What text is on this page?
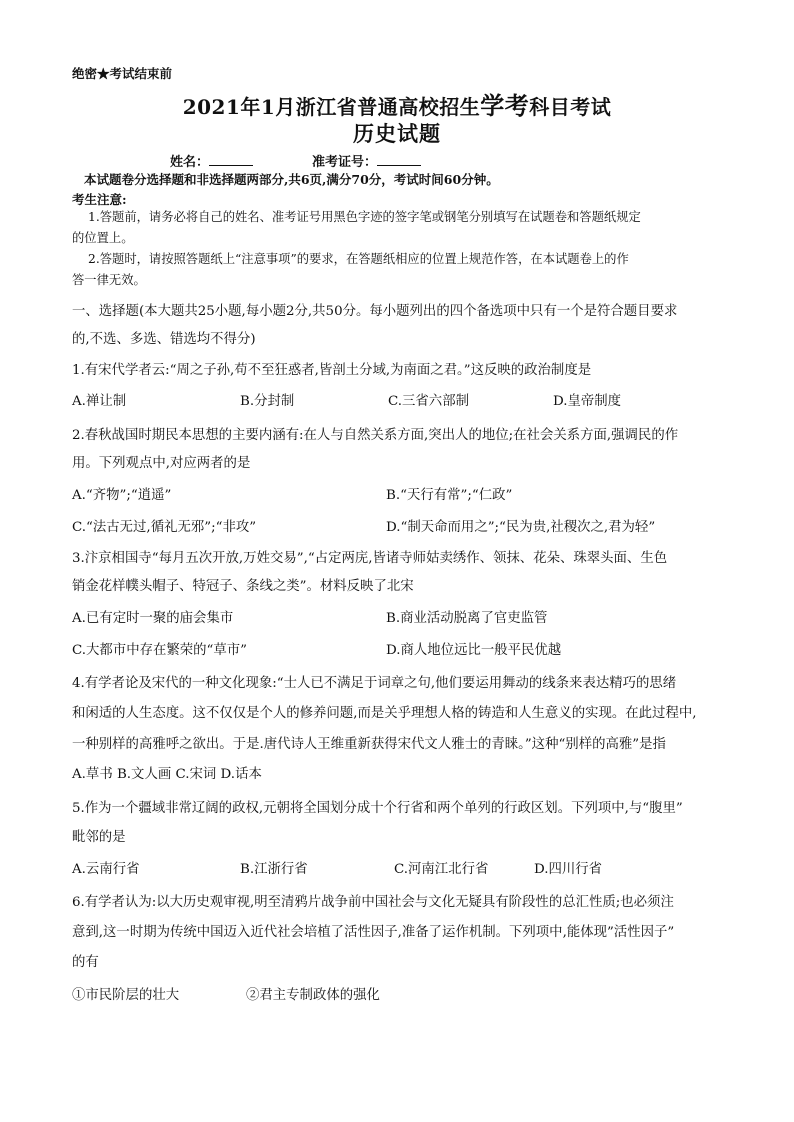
绝密★考试结束前
2021年1月浙江省普通高校招生学考科目考试
历史试题
姓名：	准考证号：
本试题卷分选择题和非选择题两部分,共6页,满分70分，考试时间60分钟。
考生注意:
1.答题前，请务必将自己的姓名、准考证号用黑色字迹的签字笔或钢笔分别填写在试题卷和答题纸规定
的位置上。
2.答题时，请按照答题纸上“注意事项”的要求，在答题纸相应的位置上规范作答，在本试题卷上的作
答一律无效。
一、选择题(本大题共25小题,每小题2分,共50分。每小题列出的四个备选项中只有一个是符合题目要求
的,不选、多选、错选均不得分)
1.有宋代学者云:“周之子孙,苟不至狂惑者,皆剖土分域,为南面之君。”这反映的政治制度是
A.禅让制	B.分封制	C.三省六部制	D.皇帝制度
2.春秋战国时期民本思想的主要内涵有:在人与自然关系方面,突出人的地位;在社会关系方面,强调民的作
用。下列观点中,对应两者的是
A.“齐物”;“逍遥”	B.“天行有常”;“仁政”
C.“法古无过,循礼无邪”;“非攻”	D.“制天命而用之”;“民为贵,社稷次之,君为轻”
3.汴京相国寺“每月五次开放,万姓交易”,“占定两庑,皆诸寺师姑卖绣作、领抹、花朵、珠翠头面、生色
销金花样幞头帽子、特冠子、条线之类”。材料反映了北宋
A.已有定时一聚的庙会集市	B.商业活动脱离了官吏监管
C.大都市中存在繁荣的“草市”	D.商人地位远比一般平民优越
4.有学者论及宋代的一种文化现象:“士人已不满足于词章之句,他们要运用舞动的线条来表达精巧的思绪
和闲适的人生态度。这不仅仅是个人的修养问题,而是关乎理想人格的铸造和人生意义的实现。在此过程中,
一种别样的高雅呼之欲出。于是.唐代诗人王维重新获得宋代文人雅士的青睐。”这种“别样的高雅”是指
A.草书 B.文人画 C.宋词 D.话本
5.作为一个疆域非常辽阔的政权,元朝将全国划分成十个行省和两个单列的行政区划。下列项中,与“腹里”
毗邻的是
A.云南行省	B.江浙行省	C.河南江北行省	D.四川行省
6.有学者认为:以大历史观审视,明至清鸦片战争前中国社会与文化无疑具有阶段性的总汇性质;也必须注
意到,这一时期为传统中国迈入近代社会培植了活性因子,准备了运作机制。下列项中,能体现”活性因子”
的有
①市民阶层的壮大	②君主专制政体的强化
